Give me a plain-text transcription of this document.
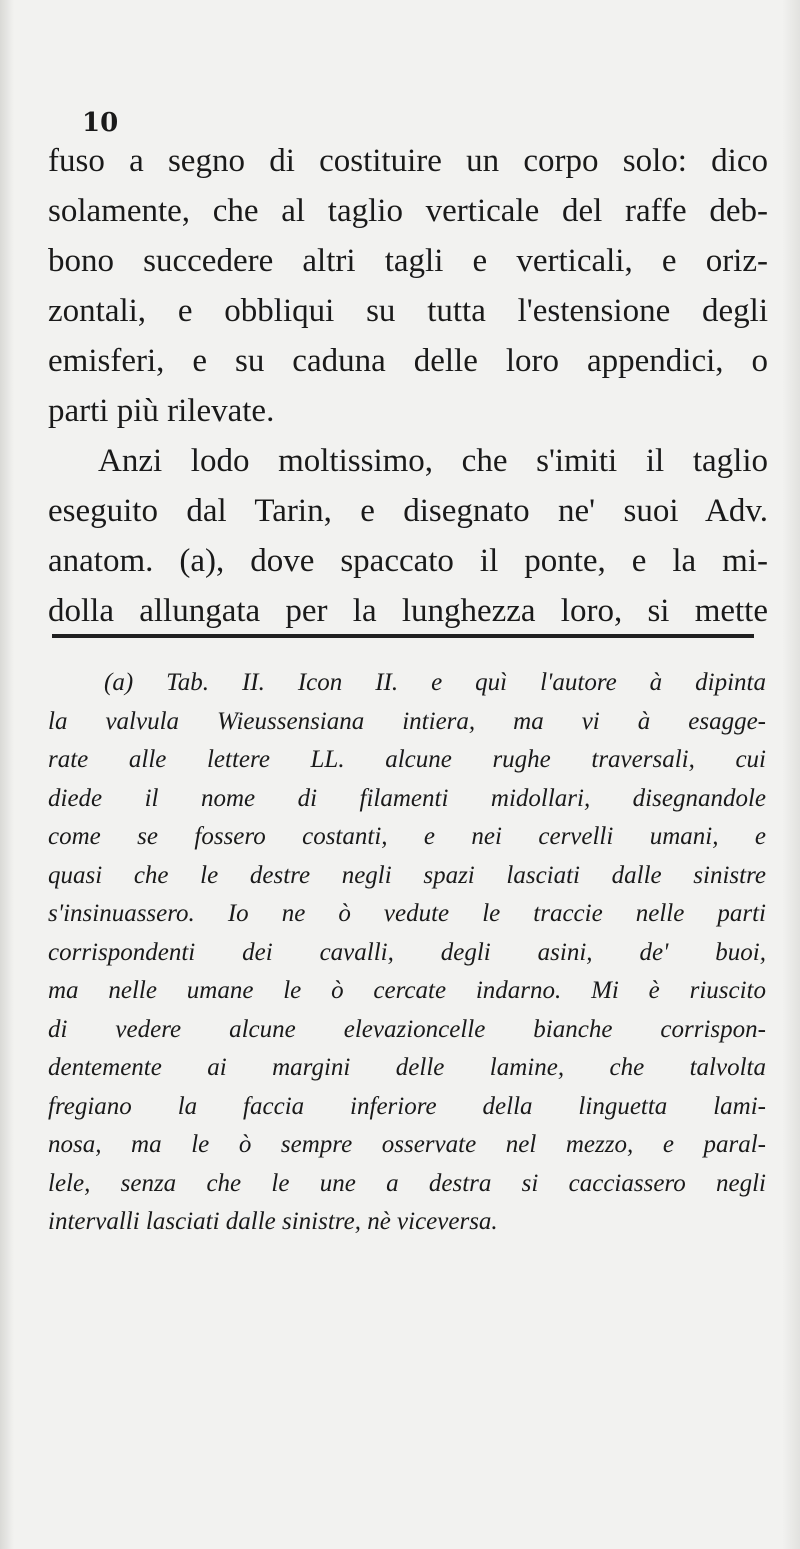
10
fuso a segno di costituire un corpo solo: dico
solamente, che al taglio verticale del raffe deb-
bono succedere altri tagli e verticali, e oriz-
zontali, e obbliqui su tutta l'estensione degli
emisferi, e su caduna delle loro appendici, o
parti più rilevate.
Anzi lodo moltissimo, che s'imiti il taglio
eseguito dal Tarin, e disegnato ne' suoi Adv.
anatom. (a), dove spaccato il ponte, e la mi-
dolla allungata per la lunghezza loro, si mette
(a) Tab. II. Icon II. e quì l'autore à dipinta
la valvula Wieussensiana intiera, ma vi à esagge-
rate alle lettere LL. alcune rughe traversali, cui
diede il nome di filamenti midollari, disegnandole
come se fossero costanti, e nei cervelli umani, e
quasi che le destre negli spazi lasciati dalle sinistre
s'insinuassero. Io ne ò vedute le traccie nelle parti
corrispondenti dei cavalli, degli asini, de' buoi,
ma nelle umane le ò cercate indarno. Mi è riuscito
di vedere alcune elevazioncelle bianche corrispon-
dentemente ai margini delle lamine, che talvolta
fregiano la faccia inferiore della linguetta lami-
nosa, ma le ò sempre osservate nel mezzo, e paral-
lele, senza che le une a destra si cacciassero negli
intervalli lasciati dalle sinistre, nè viceversa.
